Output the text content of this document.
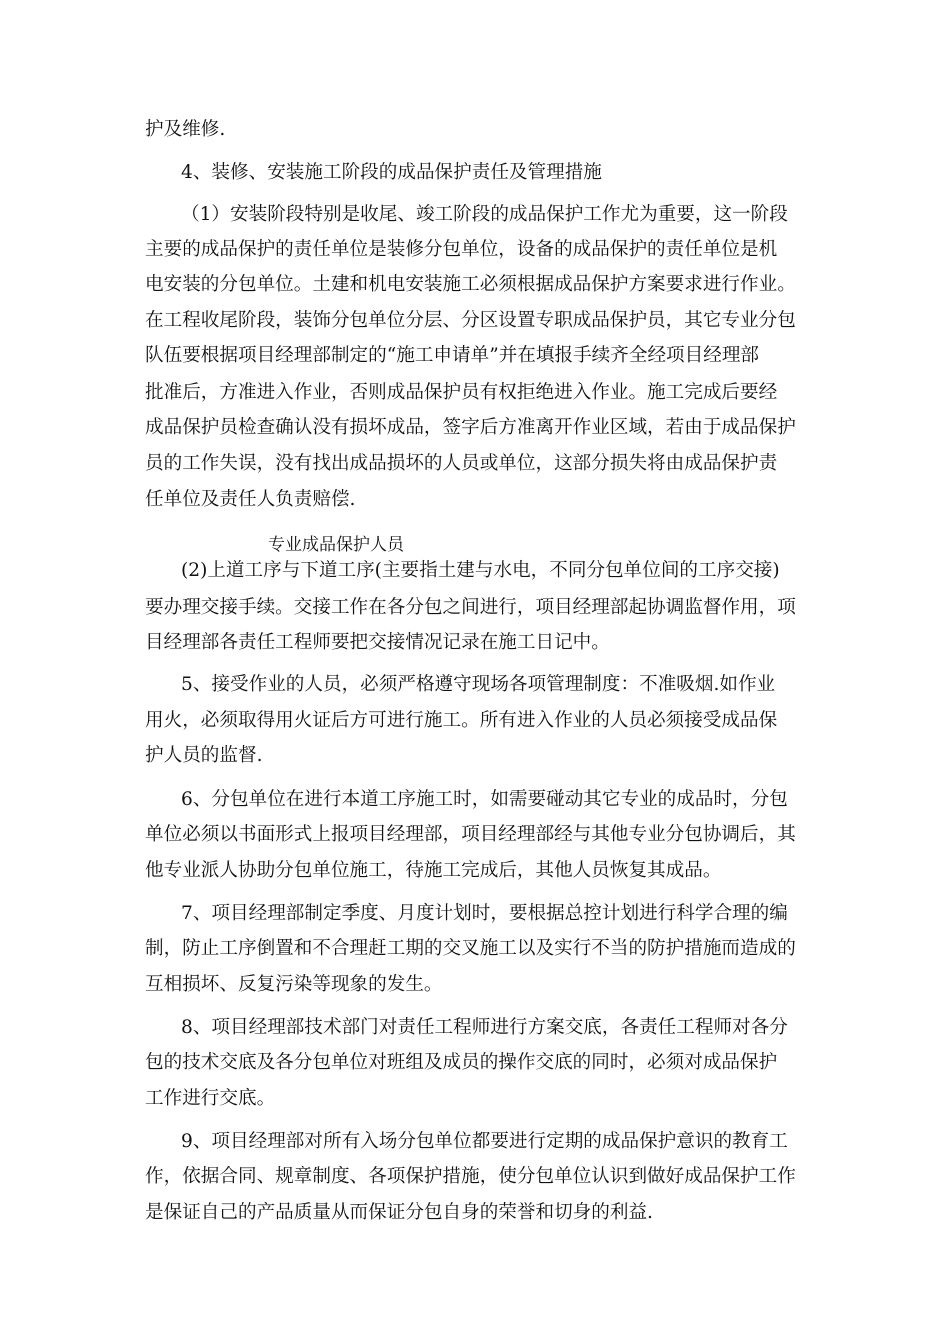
护及维修.
4、装修、安装施工阶段的成品保护责任及管理措施
（1）安装阶段特别是收尾、竣工阶段的成品保护工作尤为重要，这一阶段
主要的成品保护的责任单位是装修分包单位，设备的成品保护的责任单位是机
电安装的分包单位。土建和机电安装施工必须根据成品保护方案要求进行作业。
在工程收尾阶段，装饰分包单位分层、分区设置专职成品保护员，其它专业分包
队伍要根据项目经理部制定的“施工申请单”并在填报手续齐全经项目经理部
批准后，方准进入作业，否则成品保护员有权拒绝进入作业。施工完成后要经
成品保护员检查确认没有损坏成品，签字后方准离开作业区域，若由于成品保护
员的工作失误，没有找出成品损坏的人员或单位，这部分损失将由成品保护责
任单位及责任人负责赔偿.
专业成品保护人员
(2)上道工序与下道工序(主要指土建与水电，不同分包单位间的工序交接)
要办理交接手续。交接工作在各分包之间进行，项目经理部起协调监督作用，项
目经理部各责任工程师要把交接情况记录在施工日记中。
5、接受作业的人员，必须严格遵守现场各项管理制度：不准吸烟.如作业
用火，必须取得用火证后方可进行施工。所有进入作业的人员必须接受成品保
护人员的监督.
6、分包单位在进行本道工序施工时，如需要碰动其它专业的成品时，分包
单位必须以书面形式上报项目经理部，项目经理部经与其他专业分包协调后，其
他专业派人协助分包单位施工，待施工完成后，其他人员恢复其成品。
7、项目经理部制定季度、月度计划时，要根据总控计划进行科学合理的编
制，防止工序倒置和不合理赶工期的交叉施工以及实行不当的防护措施而造成的
互相损坏、反复污染等现象的发生。
8、项目经理部技术部门对责任工程师进行方案交底，各责任工程师对各分
包的技术交底及各分包单位对班组及成员的操作交底的同时，必须对成品保护
工作进行交底。
9、项目经理部对所有入场分包单位都要进行定期的成品保护意识的教育工
作，依据合同、规章制度、各项保护措施，使分包单位认识到做好成品保护工作
是保证自己的产品质量从而保证分包自身的荣誉和切身的利益.
